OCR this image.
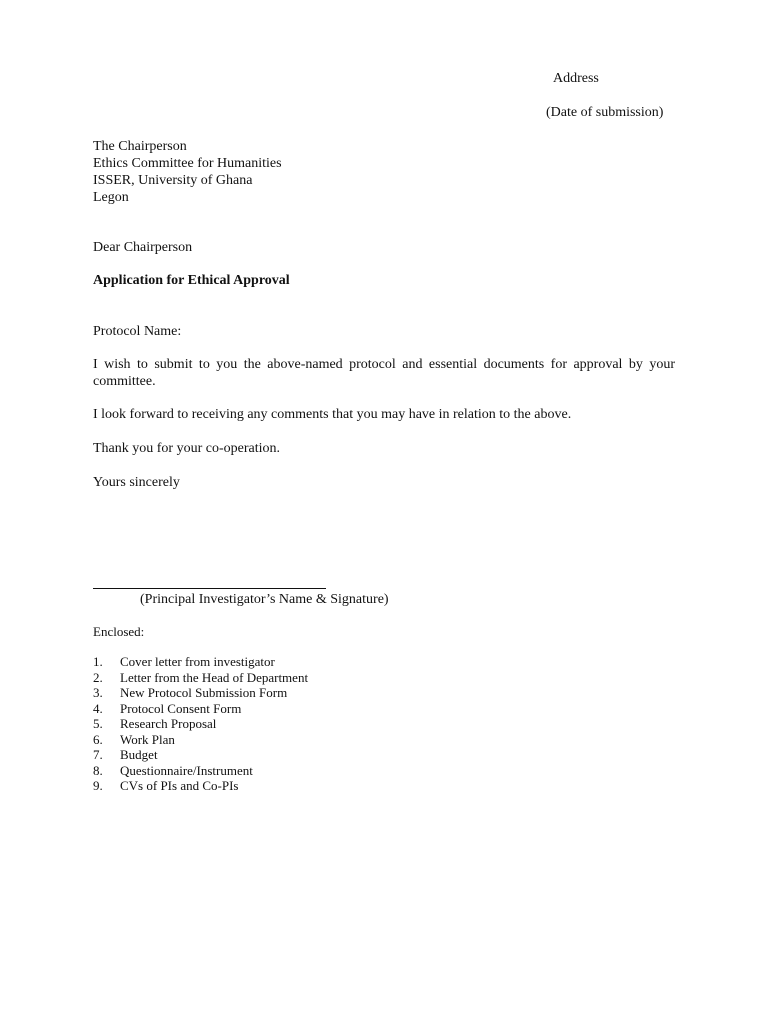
Address
(Date of submission)
The Chairperson
Ethics Committee for Humanities
ISSER, University of Ghana
Legon
Dear Chairperson
Application for Ethical Approval
Protocol Name:
I wish to submit to you the above-named protocol and essential documents for approval by your committee.
I look forward to receiving any comments that you may have in relation to the above.
Thank you for your co-operation.
Yours sincerely
(Principal Investigator’s Name & Signature)
Enclosed:
1. Cover letter from investigator
2. Letter from the Head of Department
3. New Protocol Submission Form
4. Protocol Consent Form
5. Research Proposal
6. Work Plan
7. Budget
8. Questionnaire/Instrument
9. CVs of PIs and Co-PIs
